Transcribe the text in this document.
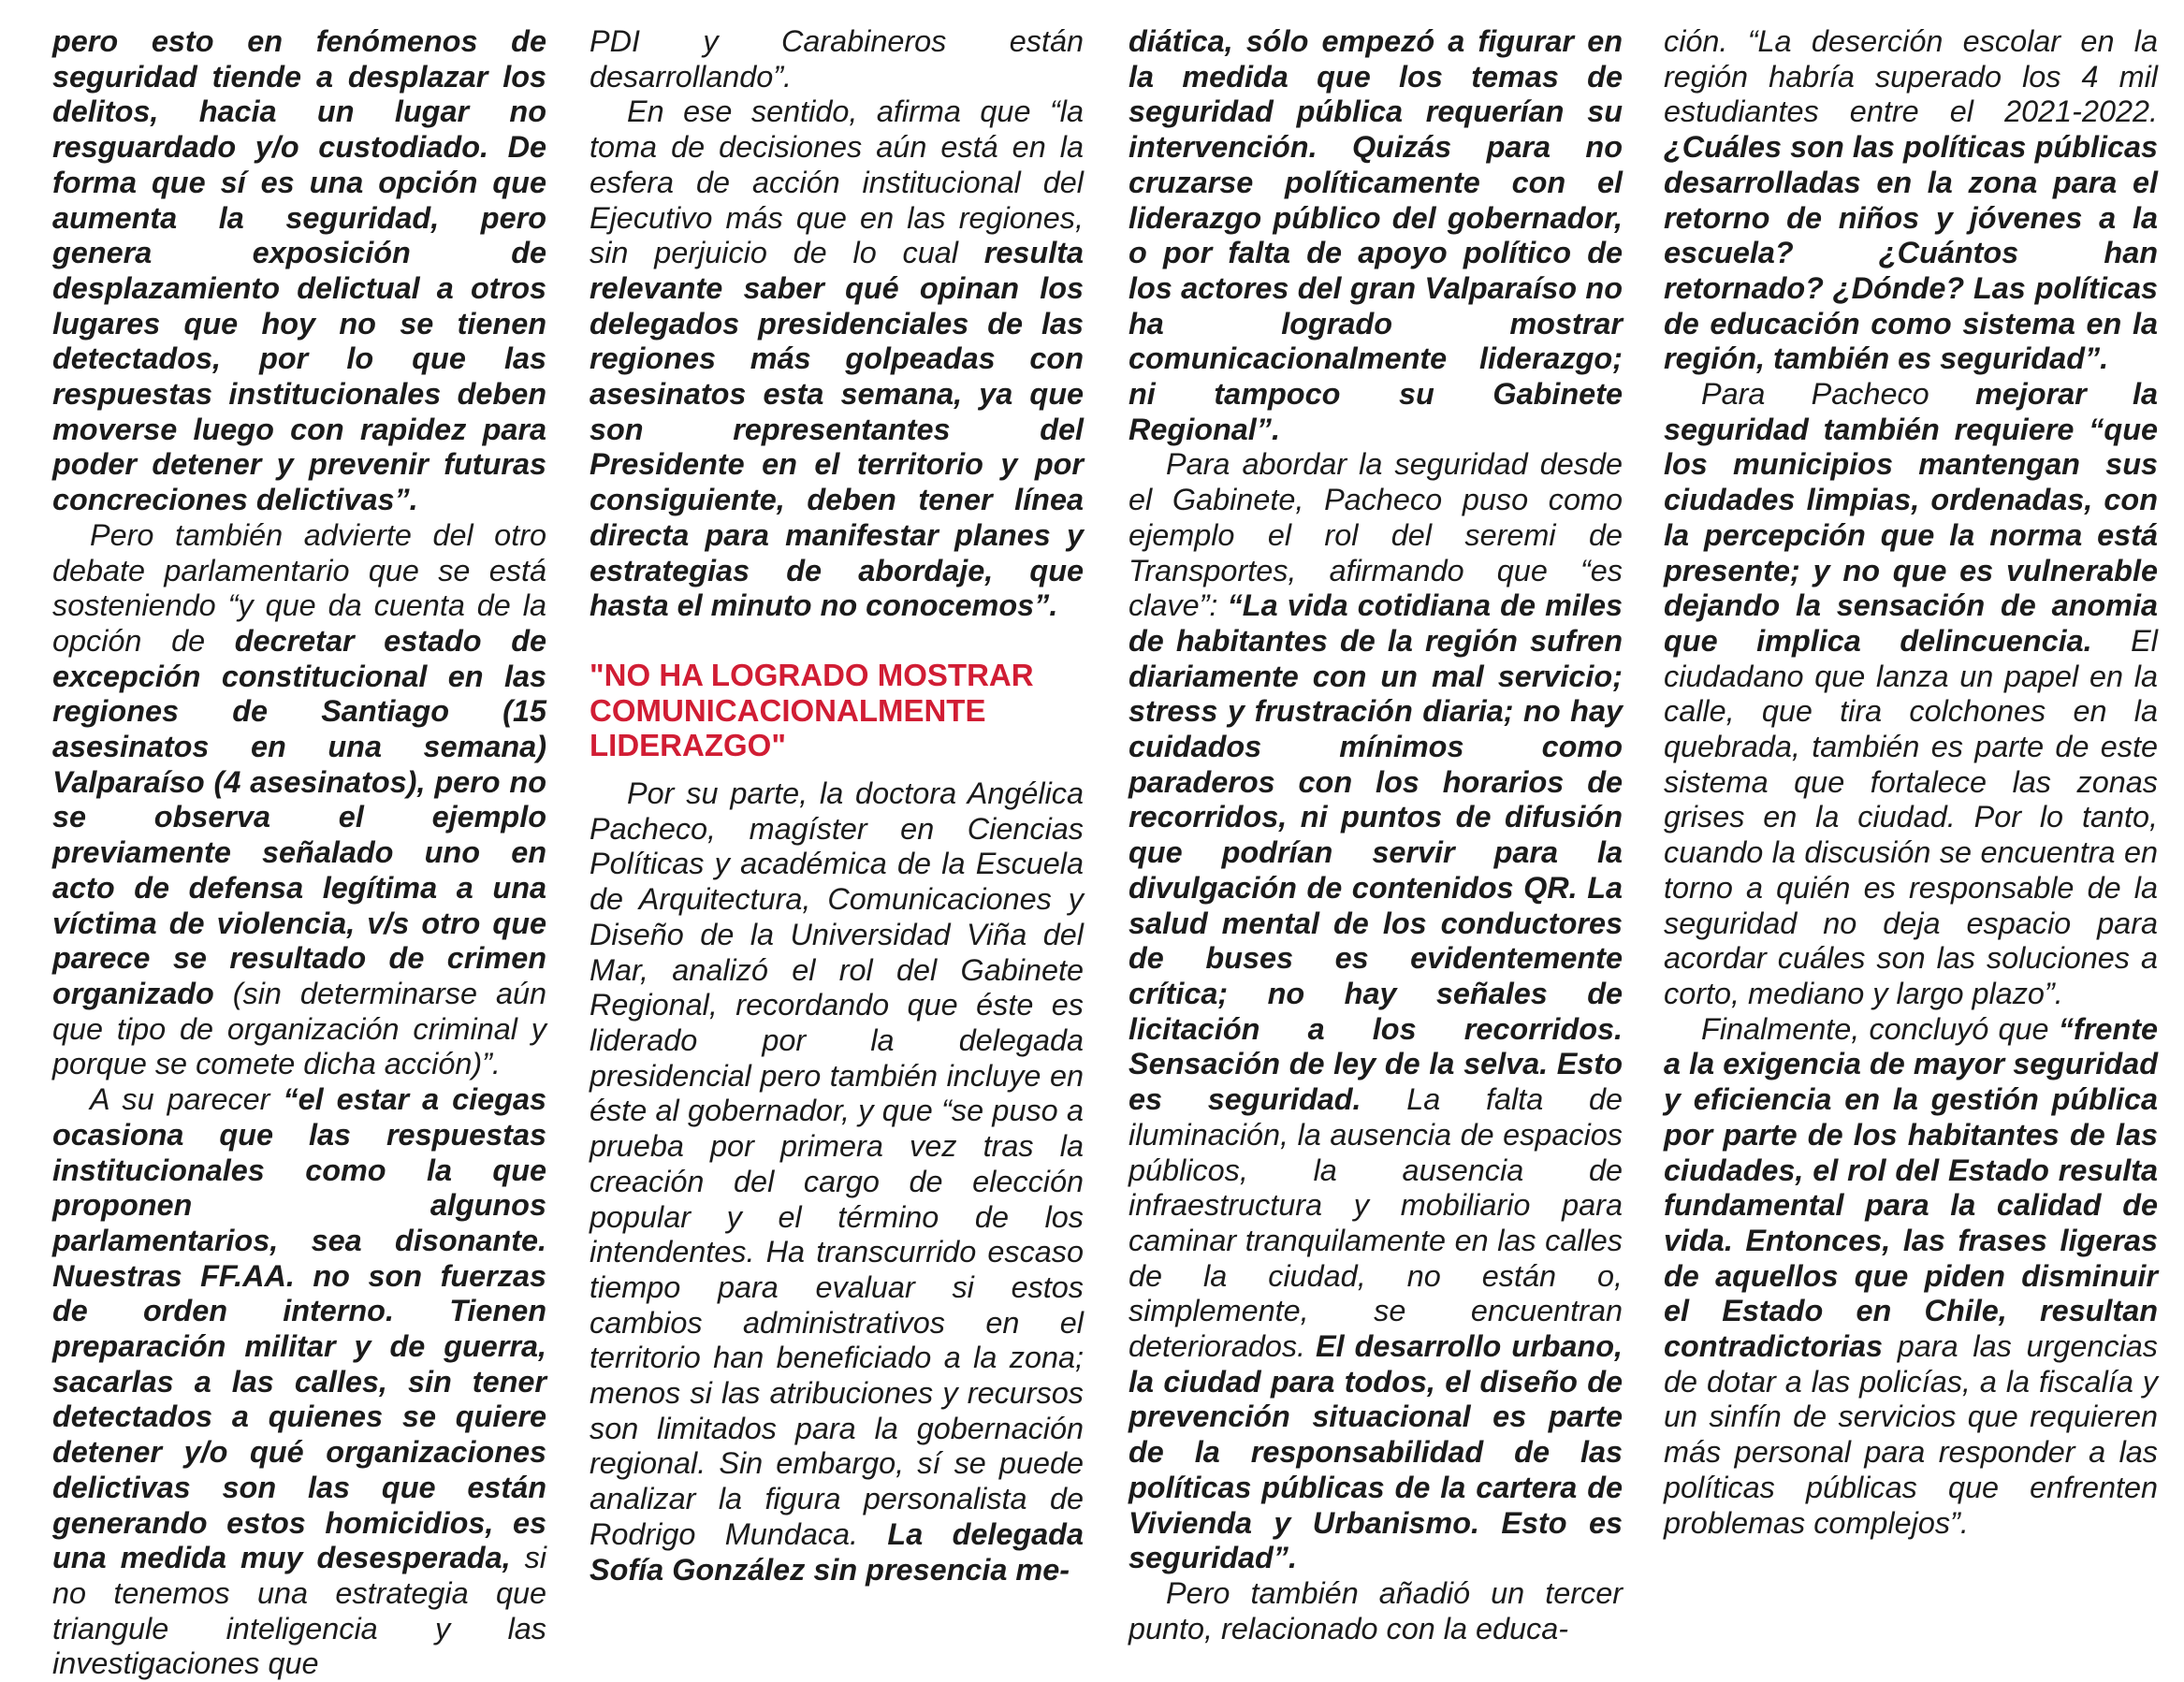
pero esto en fenómenos de seguridad tiende a desplazar los delitos, hacia un lugar no resguardado y/o custodiado. De forma que sí es una opción que aumenta la seguridad, pero genera exposición de desplazamiento delictual a otros lugares que hoy no se tienen detectados, por lo que las respuestas institucionales deben moverse luego con rapidez para poder detener y prevenir futuras concreciones delictivas”.

Pero también advierte del otro debate parlamentario que se está sosteniendo “y que da cuenta de la opción de decretar estado de excepción constitucional en las regiones de Santiago (15 asesinatos en una semana) Valparaíso (4 asesinatos), pero no se observa el ejemplo previamente señalado uno en acto de defensa legítima a una víctima de violencia, v/s otro que parece se resultado de crimen organizado (sin determinarse aún que tipo de organización criminal y porque se comete dicha acción)”.

A su parecer “el estar a ciegas ocasiona que las respuestas institucionales como la que proponen algunos parlamentarios, sea disonante. Nuestras FF.AA. no son fuerzas de orden interno. Tienen preparación militar y de guerra, sacarlas a las calles, sin tener detectados a quienes se quiere detener y/o qué organizaciones delictivas son las que están generando estos homicidios, es una medida muy desesperada, si no tenemos una estrategia que triangule inteligencia y las investigaciones que

PDI y Carabineros están desarrollando”.

En ese sentido, afirma que “la toma de decisiones aún está en la esfera de acción institucional del Ejecutivo más que en las regiones, sin perjuicio de lo cual resulta relevante saber qué opinan los delegados presidenciales de las regiones más golpeadas con asesinatos esta semana, ya que son representantes del Presidente en el territorio y por consiguiente, deben tener línea directa para manifestar planes y estrategias de abordaje, que hasta el minuto no conocemos”.

"NO HA LOGRADO MOSTRAR COMUNICACIONALMENTE LIDERAZGO"

Por su parte, la doctora Angélica Pacheco, magíster en Ciencias Políticas y académica de la Escuela de Arquitectura, Comunicaciones y Diseño de la Universidad Viña del Mar, analizó el rol del Gabinete Regional, recordando que éste es liderado por la delegada presidencial pero también incluye en éste al gobernador, y que “se puso a prueba por primera vez tras la creación del cargo de elección popular y el término de los intendentes. Ha transcurrido escaso tiempo para evaluar si estos cambios administrativos en el territorio han beneficiado a la zona; menos si las atribuciones y recursos son limitados para la gobernación regional. Sin embargo, sí se puede analizar la figura personalista de Rodrigo Mundaca. La delegada Sofía González sin presencia me-

diática, sólo empezó a figurar en la medida que los temas de seguridad pública requerían su intervención. Quizás para no cruzarse políticamente con el liderazgo público del gobernador, o por falta de apoyo político de los actores del gran Valparaíso no ha logrado mostrar comunicacionalmente liderazgo; ni tampoco su Gabinete Regional”.

Para abordar la seguridad desde el Gabinete, Pacheco puso como ejemplo el rol del seremi de Transportes, afirmando que “es clave”: “La vida cotidiana de miles de habitantes de la región sufren diariamente con un mal servicio; stress y frustración diaria; no hay cuidados mínimos como paraderos con los horarios de recorridos, ni puntos de difusión que podrían servir para la divulgación de contenidos QR. La salud mental de los conductores de buses es evidentemente crítica; no hay señales de licitación a los recorridos. Sensación de ley de la selva. Esto es seguridad. La falta de iluminación, la ausencia de espacios públicos, la ausencia de infraestructura y mobiliario para caminar tranquilamente en las calles de la ciudad, no están o, simplemente, se encuentran deteriorados. El desarrollo urbano, la ciudad para todos, el diseño de prevención situacional es parte de la responsabilidad de las políticas públicas de la cartera de Vivienda y Urbanismo. Esto es seguridad”.

Pero también añadió un tercer punto, relacionado con la educa-

ción. “La deserción escolar en la región habría superado los 4 mil estudiantes entre el 2021-2022. ¿Cuáles son las políticas públicas desarrolladas en la zona para el retorno de niños y jóvenes a la escuela? ¿Cuántos han retornado? ¿Dónde? Las políticas de educación como sistema en la región, también es seguridad”.

Para Pacheco mejorar la seguridad también requiere “que los municipios mantengan sus ciudades limpias, ordenadas, con la percepción que la norma está presente; y no que es vulnerable dejando la sensación de anomia que implica delincuencia. El ciudadano que lanza un papel en la calle, que tira colchones en la quebrada, también es parte de este sistema que fortalece las zonas grises en la ciudad. Por lo tanto, cuando la discusión se encuentra en torno a quién es responsable de la seguridad no deja espacio para acordar cuáles son las soluciones a corto, mediano y largo plazo”.

Finalmente, concluyó que “frente a la exigencia de mayor seguridad y eficiencia en la gestión pública por parte de los habitantes de las ciudades, el rol del Estado resulta fundamental para la calidad de vida. Entonces, las frases ligeras de aquellos que piden disminuir el Estado en Chile, resultan contradictorias para las urgencias de dotar a las policías, a la fiscalía y un sinfín de servicios que requieren más personal para responder a las políticas públicas que enfrenten problemas complejos”.
